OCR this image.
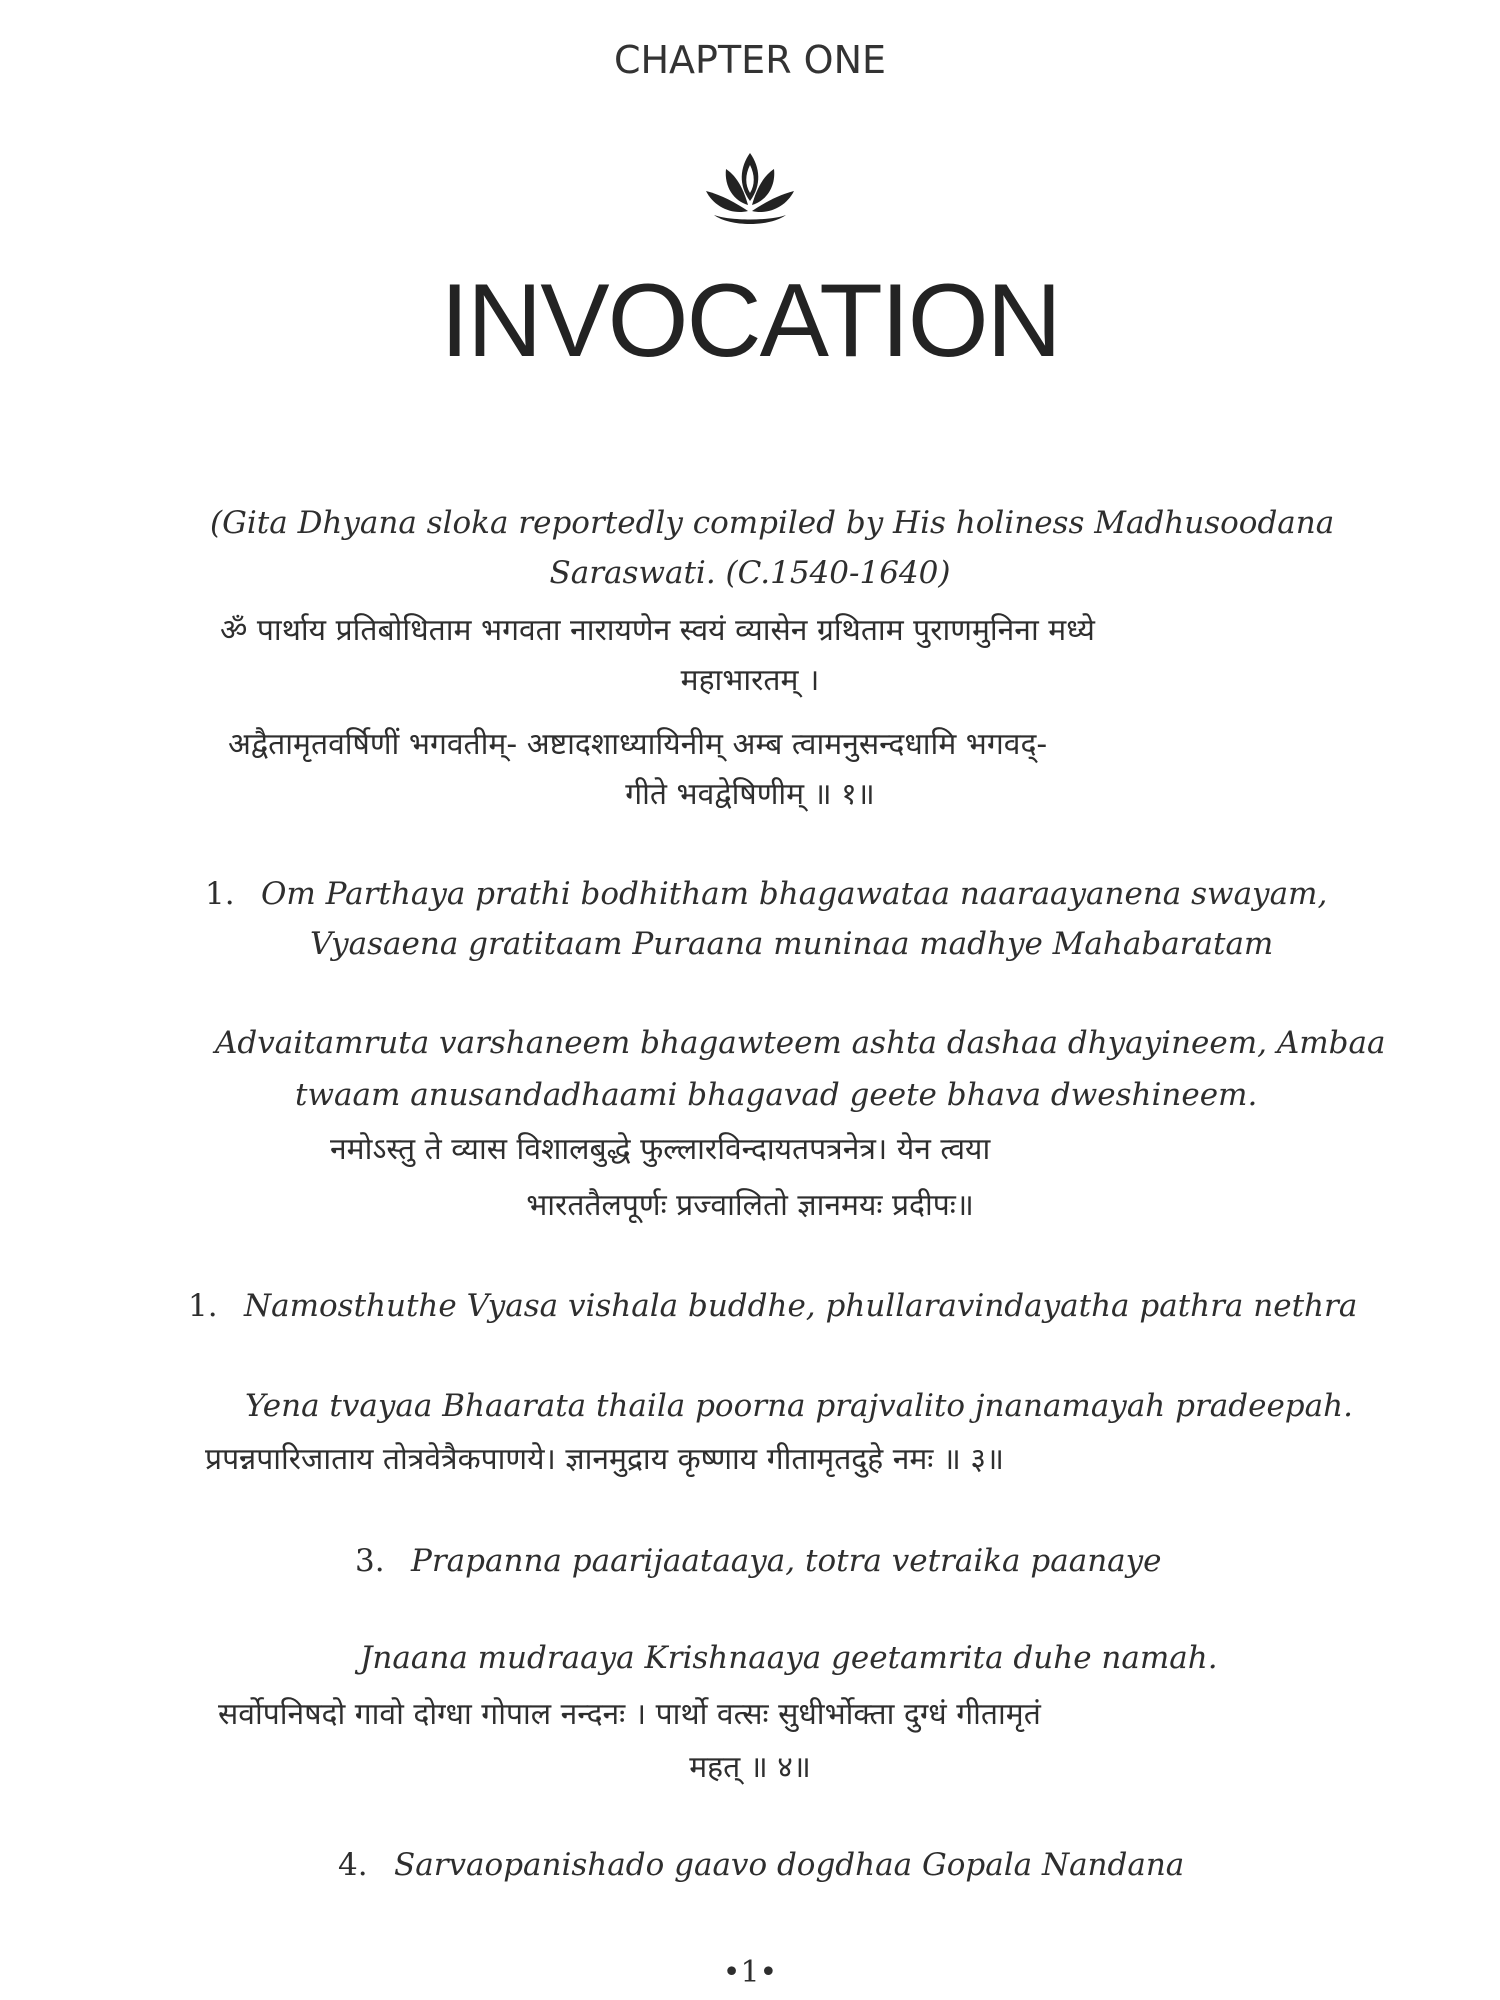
CHAPTER ONE
INVOCATION
(Gita Dhyana sloka reportedly compiled by His holiness Madhusoodana
Saraswati. (C.1540-1640)
ॐ पार्थाय प्रतिबोधिताम भगवता नारायणेन स्वयं व्यासेन ग्रथिताम पुराणमुनिना मध्ये
महाभारतम् ।
अद्वैतामृतवर्षिणीं भगवतीम्- अष्टादशाध्यायिनीम् अम्ब त्वामनुसन्दधामि भगवद्-
गीते भवद्वेषिणीम् ॥ १॥
1. Om Parthaya prathi bodhitham bhagawataa naaraayanena swayam,
Vyasaena gratitaam Puraana muninaa madhye Mahabaratam
Advaitamruta varshaneem bhagawteem ashta dashaa dhyayineem, Ambaa
twaam anusandadhaami bhagavad geete bhava dweshineem.
नमोऽस्तु ते व्यास विशालबुद्धे फुल्लारविन्दायतपत्रनेत्र। येन त्वया
भारततैलपूर्णः प्रज्वालितो ज्ञानमयः प्रदीपः॥
1. Namosthuthe Vyasa vishala buddhe, phullaravindayatha pathra nethra
Yena tvayaa Bhaarata thaila poorna prajvalito jnanamayah pradeepah.
प्रपन्नपारिजाताय तोत्रवेत्रैकपाणये। ज्ञानमुद्राय कृष्णाय गीतामृतदुहे नमः ॥ ३॥
3. Prapanna paarijaataaya, totra vetraika paanaye
Jnaana mudraaya Krishnaaya geetamrita duhe namah.
सर्वोपनिषदो गावो दोग्धा गोपाल नन्दनः । पार्थो वत्सः सुधीर्भोक्ता दुग्धं गीतामृतं
महत् ॥ ४॥
4. Sarvaopanishado gaavo dogdhaa Gopala Nandana
•1•
